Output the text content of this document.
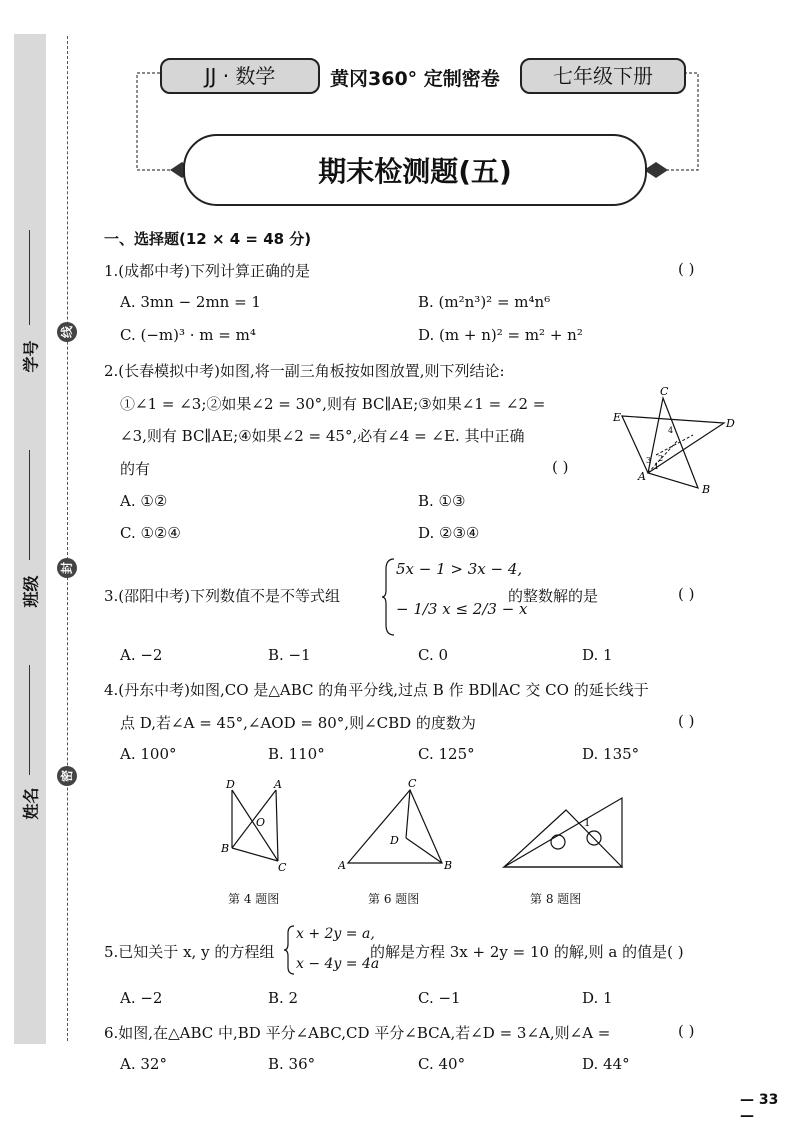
学号
班级
姓名
线
封
密
JJ · 数学	黄冈360° 定制密卷	七年级下册
期末检测题(五)
一、选择题(12 × 4 = 48 分)
1.(成都中考)下列计算正确的是	( )
A. 3mn − 2mn = 1	B. (m²n³)² = m⁴n⁶
C. (−m)³ · m = m⁴	D. (m + n)² = m² + n²
2.(长春模拟中考)如图,将一副三角板按如图放置,则下列结论:
①∠1 = ∠3;②如果∠2 = 30°,则有 BC∥AE;③如果∠1 = ∠2 =
∠3,则有 BC∥AE;④如果∠2 = 45°,必有∠4 = ∠E. 其中正确
的有	( )
A. ①②	B. ①③
C. ①②④	D. ②③④
E
C
D
A
B
3
1
2
4
3.(邵阳中考)下列数值不是不等式组
5x − 1 > 3x − 4,
− 1/3 x ≤ 2/3 − x
的整数解的是	( )
A. −2	B. −1	C. 0	D. 1
4.(丹东中考)如图,CO 是△ABC 的角平分线,过点 B 作 BD∥AC 交 CO 的延长线于
点 D,若∠A = 45°,∠AOD = 80°,则∠CBD 的度数为	( )
A. 100°	B. 110°	C. 125°	D. 135°
D	A
O
B
C
C
D
A	B
1
第 4 题图	第 6 题图	第 8 题图
5.已知关于 x, y 的方程组
x + 2y = a,
x − 4y = 4a
的解是方程 3x + 2y = 10 的解,则 a 的值是( )
A. −2	B. 2	C. −1	D. 1
6.如图,在△ABC 中,BD 平分∠ABC,CD 平分∠BCA,若∠D = 3∠A,则∠A =	( )
A. 32°	B. 36°	C. 40°	D. 44°
— 33 —
